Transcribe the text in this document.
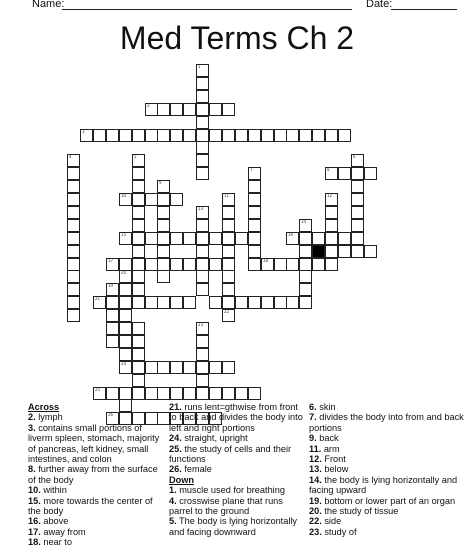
Name:	Date:
Med Terms Ch 2
1
2
3
4	5	6
7	8
9
10	11	12
13
14
15	16
17	18
19
20
21
22
23
24
25
26
Across
2. lymph
3. contains small portions of liverm spleen, stomach, majority of pancreas, left kidney, small intestines, and colon
8. further away from the surface of the body
10. within
15. more towards the center of the body
16. above
17. away from
18. near to
21. runs lent=gthwise from front to back and divides the body into left and right portions
24. straight, upright
25. the study of cells and their functions
26. female
Down
1. muscle used for breathing
4. crosswise plane that runs parrel to the ground
5. The body is lying horizontally and facing downward
6. skin
7. divides the body into from and back portions
9. back
11. arm
12. Front
13. below
14. the body is lying horizontally and facing upward
19. bottom or lower part of an organ
20. the study of tissue
22. side
23. study of
